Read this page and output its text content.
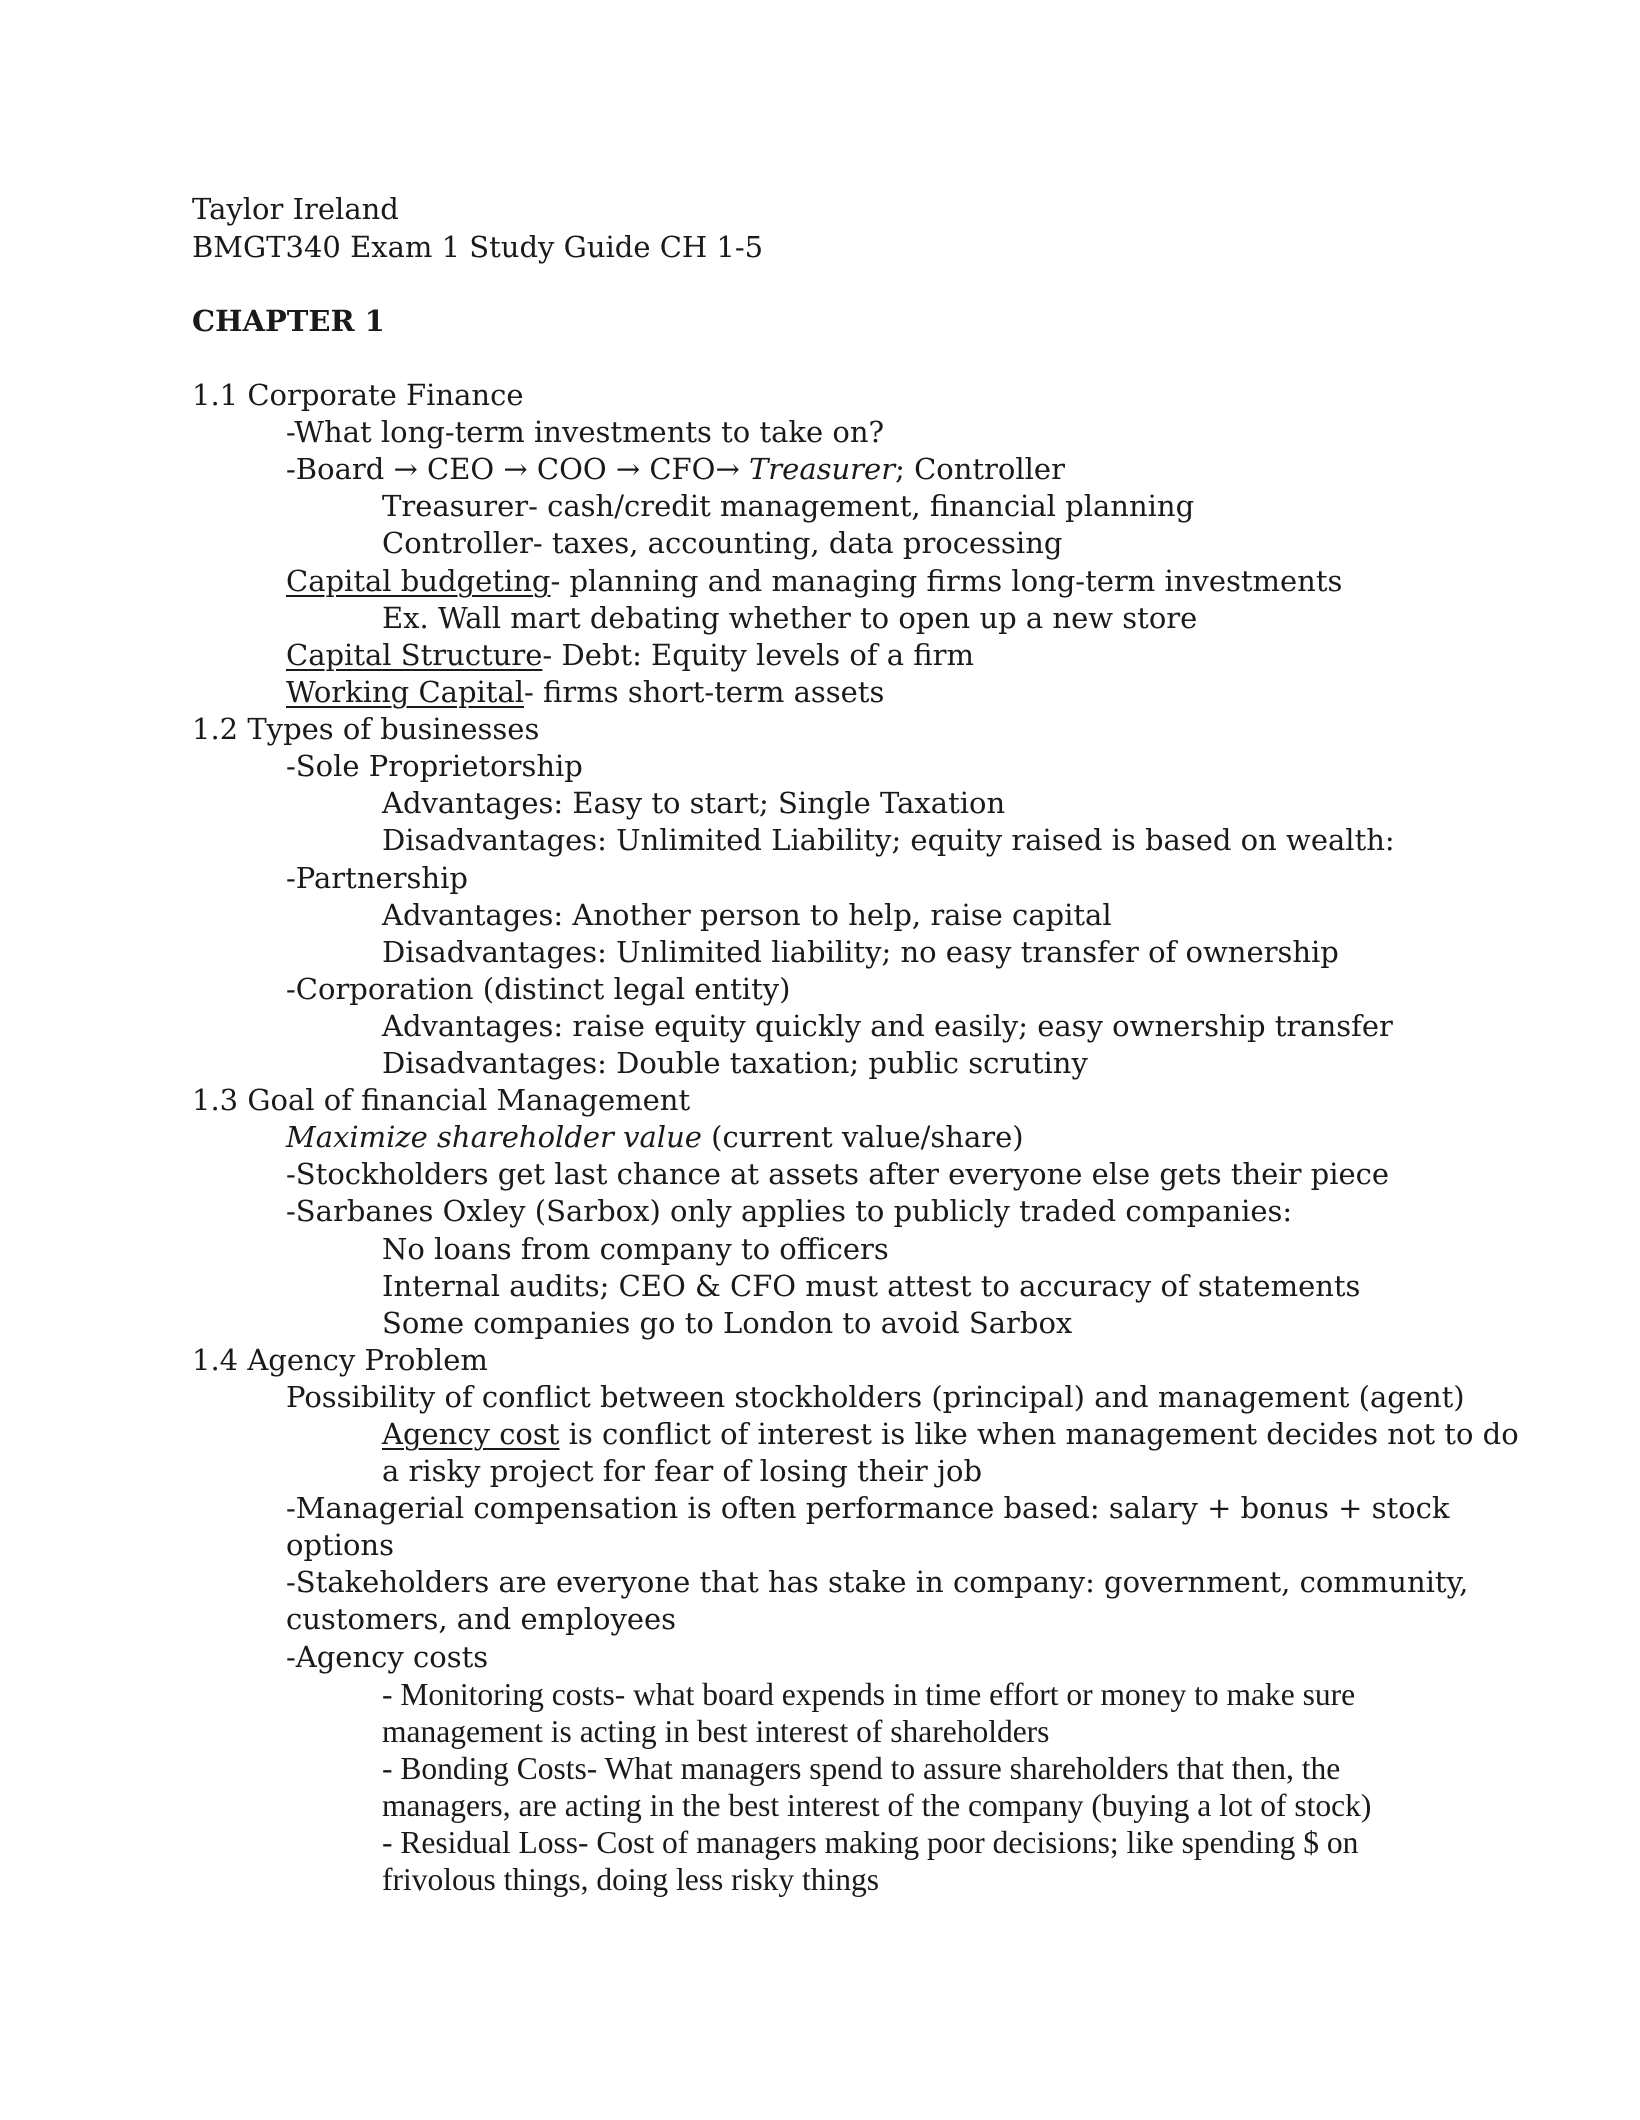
Taylor Ireland
BMGT340 Exam 1 Study Guide CH 1-5
CHAPTER 1
1.1 Corporate Finance
-What long-term investments to take on?
-Board → CEO → COO → CFO→ Treasurer; Controller
Treasurer- cash/credit management, financial planning
Controller- taxes, accounting, data processing
Capital budgeting- planning and managing firms long-term investments
Ex. Wall mart debating whether to open up a new store
Capital Structure- Debt: Equity levels of a firm
Working Capital- firms short-term assets
1.2 Types of businesses
-Sole Proprietorship
Advantages: Easy to start; Single Taxation
Disadvantages: Unlimited Liability; equity raised is based on wealth:
-Partnership
Advantages: Another person to help, raise capital
Disadvantages: Unlimited liability; no easy transfer of ownership
-Corporation (distinct legal entity)
Advantages: raise equity quickly and easily; easy ownership transfer
Disadvantages: Double taxation; public scrutiny
1.3 Goal of financial Management
Maximize shareholder value (current value/share)
-Stockholders get last chance at assets after everyone else gets their piece
-Sarbanes Oxley (Sarbox) only applies to publicly traded companies:
No loans from company to officers
Internal audits; CEO & CFO must attest to accuracy of statements
Some companies go to London to avoid Sarbox
1.4 Agency Problem
Possibility of conflict between stockholders (principal) and management (agent)
Agency cost is conflict of interest is like when management decides not to do
a risky project for fear of losing their job
-Managerial compensation is often performance based: salary + bonus + stock
options
-Stakeholders are everyone that has stake in company: government, community,
customers, and employees
-Agency costs
- Monitoring costs- what board expends in time effort or money to make sure
management is acting in best interest of shareholders
- Bonding Costs- What managers spend to assure shareholders that then, the
managers, are acting in the best interest of the company (buying a lot of stock)
- Residual Loss- Cost of managers making poor decisions; like spending $ on
frivolous things, doing less risky things
